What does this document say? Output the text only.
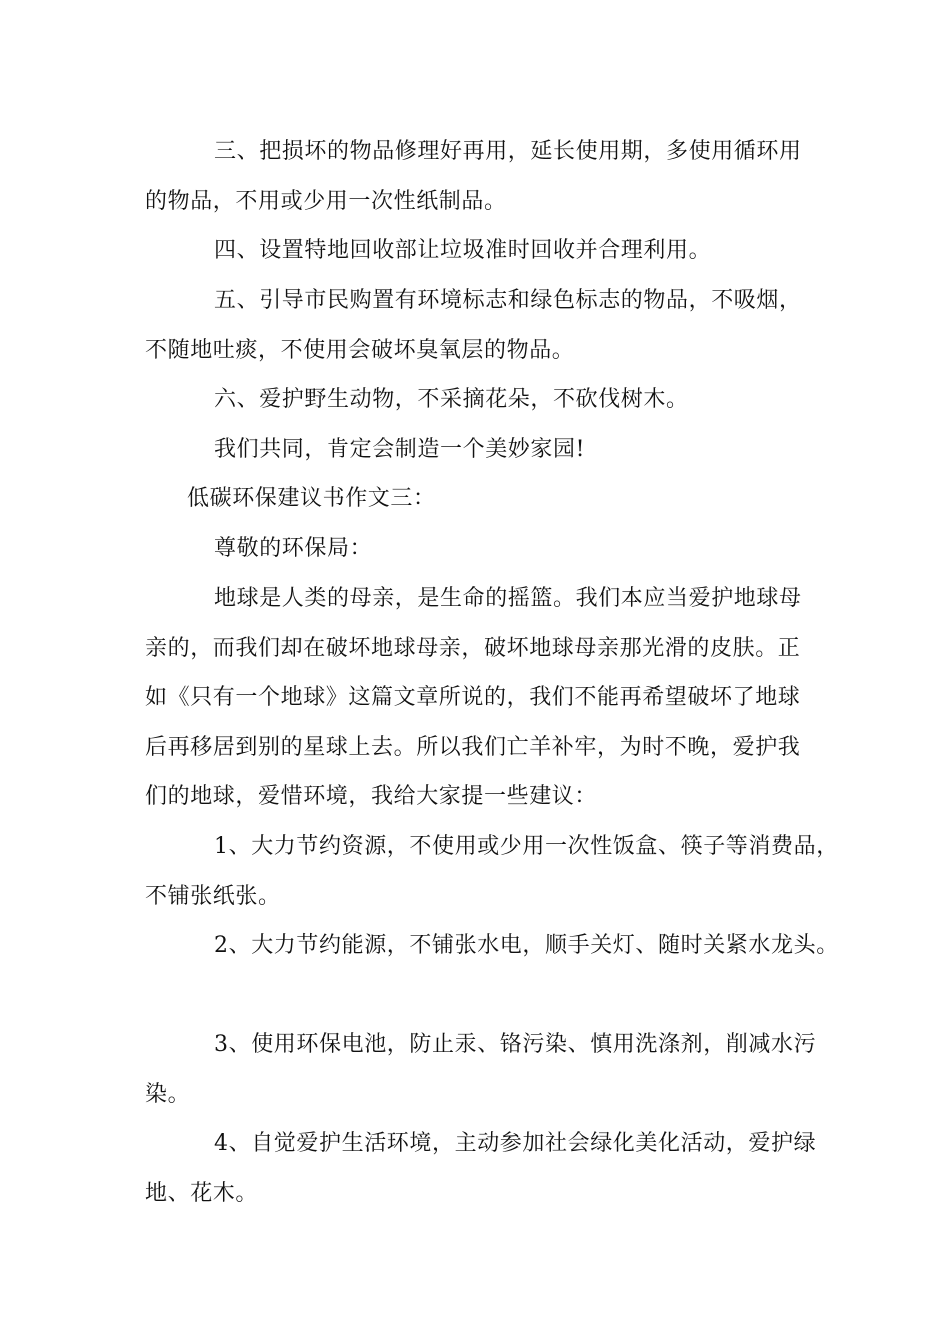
三、把损坏的物品修理好再用，延长使用期，多使用循环用
的物品，不用或少用一次性纸制品。
四、设置特地回收部让垃圾准时回收并合理利用。
五、引导市民购置有环境标志和绿色标志的物品，不吸烟，
不随地吐痰，不使用会破坏臭氧层的物品。
六、爱护野生动物，不采摘花朵，不砍伐树木。
我们共同，肯定会制造一个美妙家园!
低碳环保建议书作文三：
尊敬的环保局：
地球是人类的母亲，是生命的摇篮。我们本应当爱护地球母
亲的，而我们却在破坏地球母亲，破坏地球母亲那光滑的皮肤。正
如《只有一个地球》这篇文章所说的，我们不能再希望破坏了地球
后再移居到别的星球上去。所以我们亡羊补牢，为时不晚，爱护我
们的地球，爱惜环境，我给大家提一些建议：
1、大力节约资源，不使用或少用一次性饭盒、筷子等消费品，
不铺张纸张。
2、大力节约能源，不铺张水电，顺手关灯、随时关紧水龙头。
3、使用环保电池，防止汞、铬污染、慎用洗涤剂，削减水污
染。
4、自觉爱护生活环境，主动参加社会绿化美化活动，爱护绿
地、花木。
